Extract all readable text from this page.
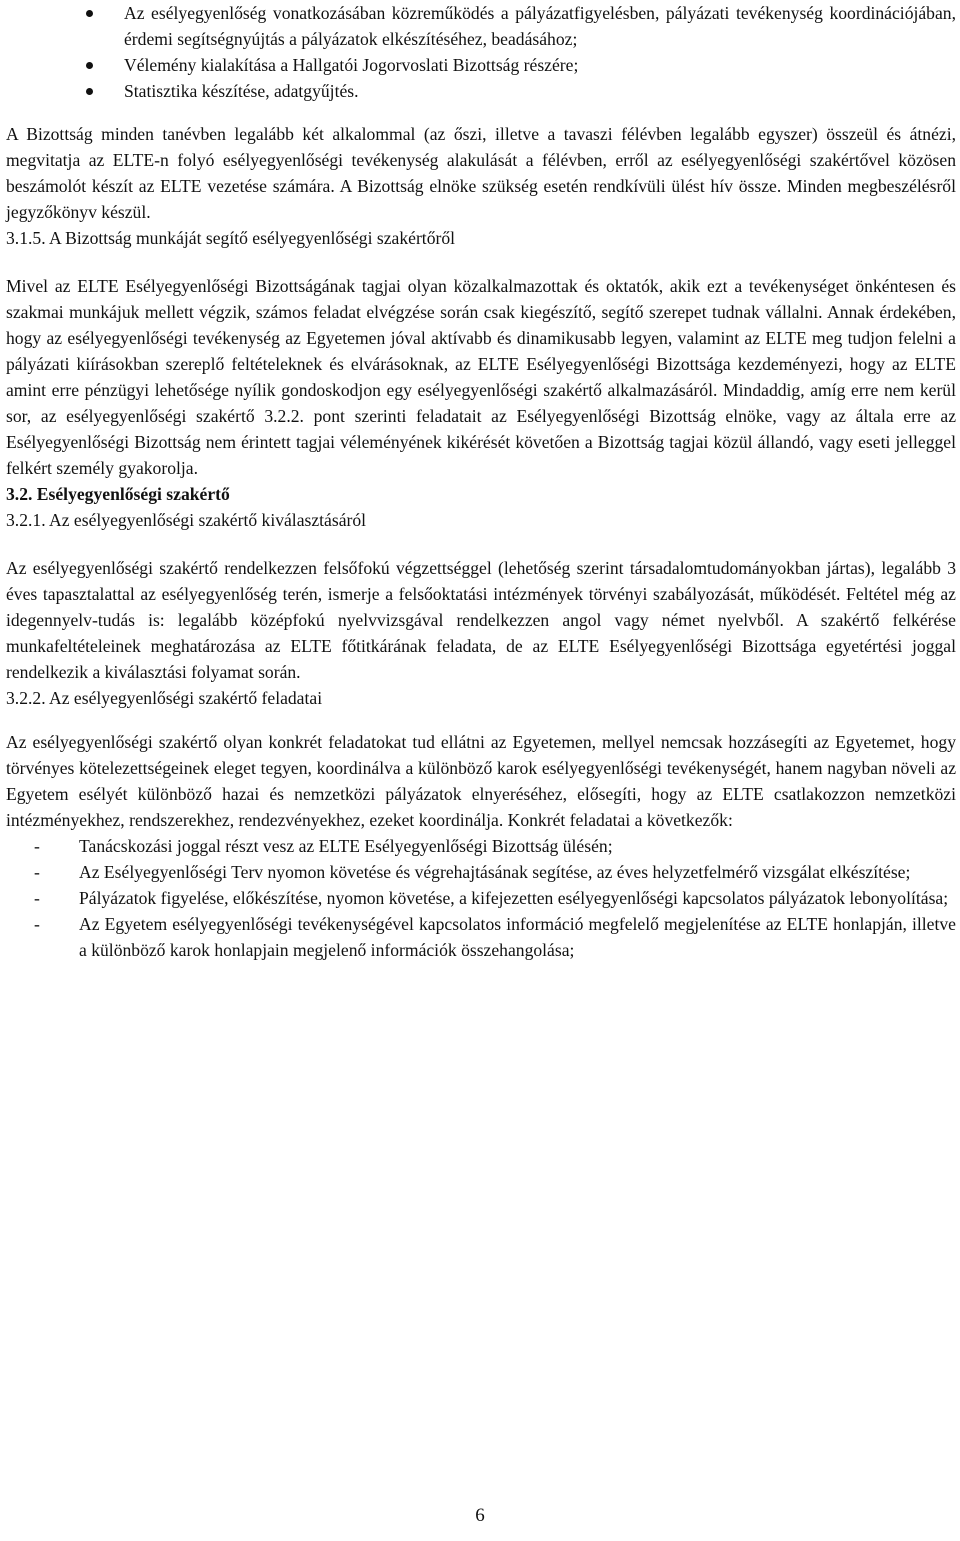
Az esélyegyenlőség vonatkozásában közreműködés a pályázatfigyelésben, pályázati tevékenység koordinációjában, érdemi segítségnyújtás a pályázatok elkészítéséhez, beadásához;
Vélemény kialakítása a Hallgatói Jogorvoslati Bizottság részére;
Statisztika készítése, adatgyűjtés.

A Bizottság minden tanévben legalább két alkalommal (az őszi, illetve a tavaszi félévben legalább egyszer) összeül és átnézi, megvitatja az ELTE-n folyó esélyegyenlőségi tevékenység alakulását a félévben, erről az esélyegyenlőségi szakértővel közösen beszámolót készít az ELTE vezetése számára. A Bizottság elnöke szükség esetén rendkívüli ülést hív össze. Minden megbeszélésről jegyzőkönyv készül.

3.1.5. A Bizottság munkáját segítő esélyegyenlőségi szakértőről

Mivel az ELTE Esélyegyenlőségi Bizottságának tagjai olyan közalkalmazottak és oktatók, akik ezt a tevékenységet önkéntesen és szakmai munkájuk mellett végzik, számos feladat elvégzése során csak kiegészítő, segítő szerepet tudnak vállalni. Annak érdekében, hogy az esélyegyenlőségi tevékenység az Egyetemen jóval aktívabb és dinamikusabb legyen, valamint az ELTE meg tudjon felelni a pályázati kiírásokban szereplő feltételeknek és elvárásoknak, az ELTE Esélyegyenlőségi Bizottsága kezdeményezi, hogy az ELTE amint erre pénzügyi lehetősége nyílik gondoskodjon egy esélyegyenlőségi szakértő alkalmazásáról. Mindaddig, amíg erre nem kerül sor, az esélyegyenlőségi szakértő 3.2.2. pont szerinti feladatait az Esélyegyenlőségi Bizottság elnöke, vagy az általa erre az Esélyegyenlőségi Bizottság nem érintett tagjai véleményének kikérését követően a Bizottság tagjai közül állandó, vagy eseti jelleggel felkért személy gyakorolja.

3.2. Esélyegyenlőségi szakértő
3.2.1. Az esélyegyenlőségi szakértő kiválasztásáról

Az esélyegyenlőségi szakértő rendelkezzen felsőfokú végzettséggel (lehetőség szerint társadalomtudományokban jártas), legalább 3 éves tapasztalattal az esélyegyenlőség terén, ismerje a felsőoktatási intézmények törvényi szabályozását, működését. Feltétel még az idegennyelv-tudás is: legalább középfokú nyelvvizsgával rendelkezzen angol vagy német nyelvből. A szakértő felkérése munkafeltételeinek meghatározása az ELTE főtitkárának feladata, de az ELTE Esélyegyenlőségi Bizottsága egyetértési joggal rendelkezik a kiválasztási folyamat során.

3.2.2. Az esélyegyenlőségi szakértő feladatai

Az esélyegyenlőségi szakértő olyan konkrét feladatokat tud ellátni az Egyetemen, mellyel nemcsak hozzásegíti az Egyetemet, hogy törvényes kötelezettségeinek eleget tegyen, koordinálva a különböző karok esélyegyenlőségi tevékenységét, hanem nagyban növeli az Egyetem esélyét különböző hazai és nemzetközi pályázatok elnyeréséhez, elősegíti, hogy az ELTE csatlakozzon nemzetközi intézményekhez, rendszerekhez, rendezvényekhez, ezeket koordinálja. Konkrét feladatai a következők:

- Tanácskozási joggal részt vesz az ELTE Esélyegyenlőségi Bizottság ülésén;
- Az Esélyegyenlőségi Terv nyomon követése és végrehajtásának segítése, az éves helyzetfelmérő vizsgálat elkészítése;
- Pályázatok figyelése, előkészítése, nyomon követése, a kifejezetten esélyegyenlőségi kapcsolatos pályázatok lebonyolítása;
- Az Egyetem esélyegyenlőségi tevékenységével kapcsolatos információ megfelelő megjelenítése az ELTE honlapján, illetve a különböző karok honlapjain megjelenő információk összehangolása;
6
